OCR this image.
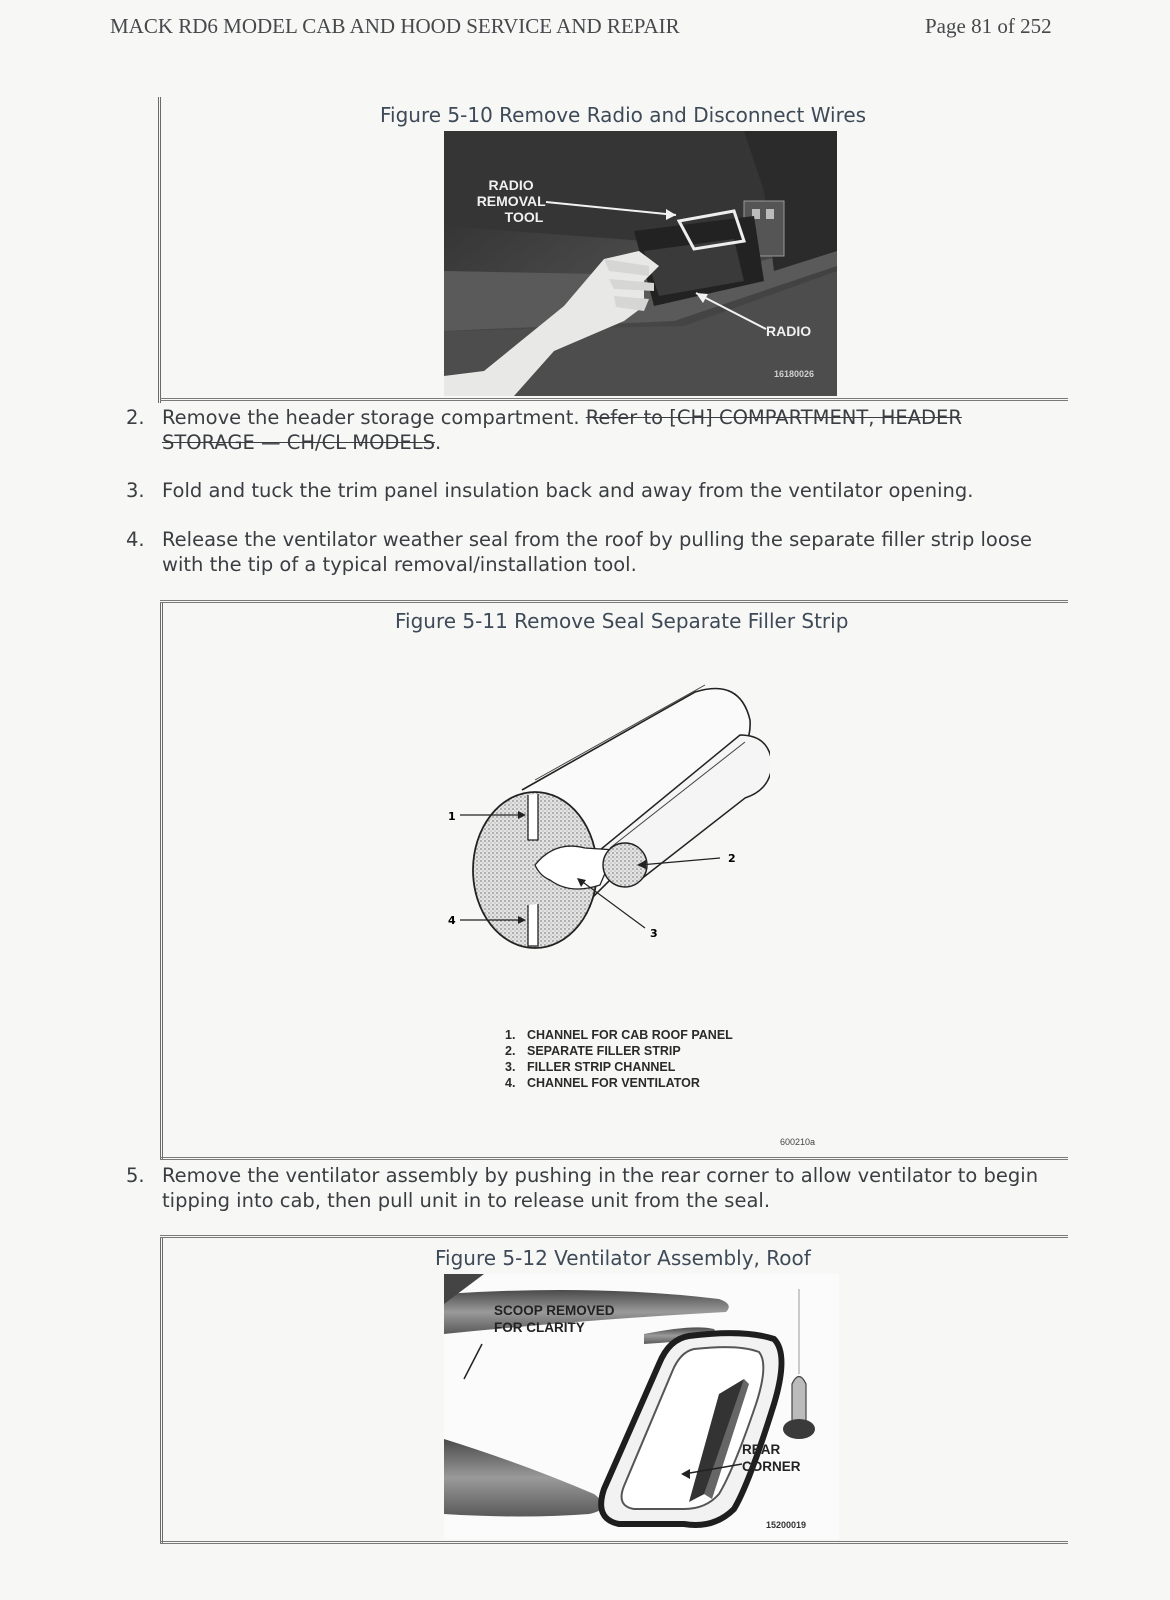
MACK RD6 MODEL CAB AND HOOD SERVICE AND REPAIR	Page 81 of 252
Figure 5-10 Remove Radio and Disconnect Wires
RADIO REMOVAL TOOL
RADIO
16180026
2. Remove the header storage compartment. Refer to [CH] COMPARTMENT, HEADER
STORAGE — CH/CL MODELS.
3. Fold and tuck the trim panel insulation back and away from the ventilator opening.
4. Release the ventilator weather seal from the roof by pulling the separate filler strip loose with the tip of a typical removal/installation tool.
Figure 5-11 Remove Seal Separate Filler Strip
1
2
3
4
1. CHANNEL FOR CAB ROOF PANEL
2. SEPARATE FILLER STRIP
3. FILLER STRIP CHANNEL
4. CHANNEL FOR VENTILATOR
600210a
5. Remove the ventilator assembly by pushing in the rear corner to allow ventilator to begin tipping into cab, then pull unit in to release unit from the seal.
Figure 5-12 Ventilator Assembly, Roof
SCOOP REMOVED FOR CLARITY
REAR CORNER
15200019
